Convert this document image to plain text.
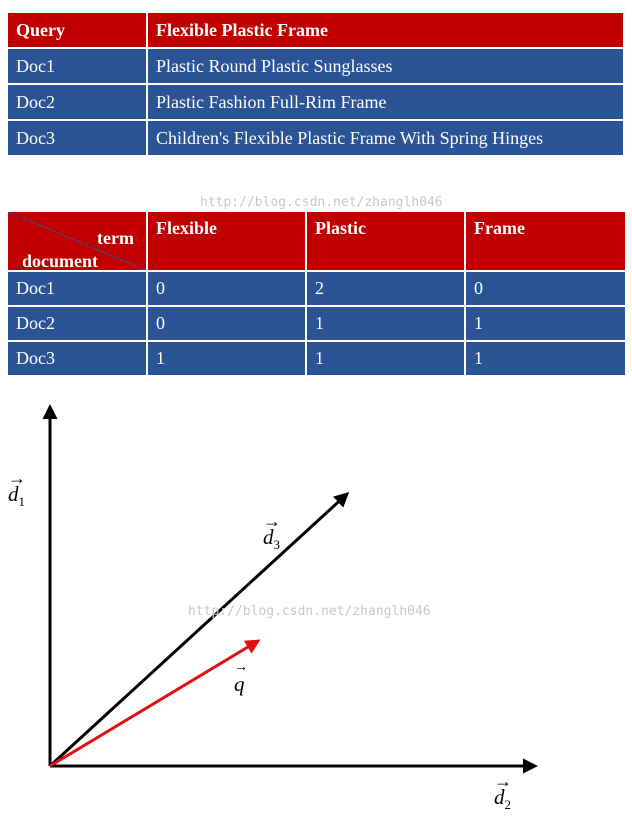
Query	Flexible Plastic Frame
Doc1	Plastic Round Plastic Sunglasses
Doc2	Plastic Fashion Full-Rim Frame
Doc3	Children's Flexible Plastic Frame With Spring Hinges
http://blog.csdn.net/zhanglh046
term
document	Flexible	Plastic	Frame
Doc1	0	2	0
Doc2	0	1	1
Doc3	1	1	1
http://blog.csdn.net/zhanglh046
→
$d_1$
→
$d_2$
→
$d_3$
→
q
